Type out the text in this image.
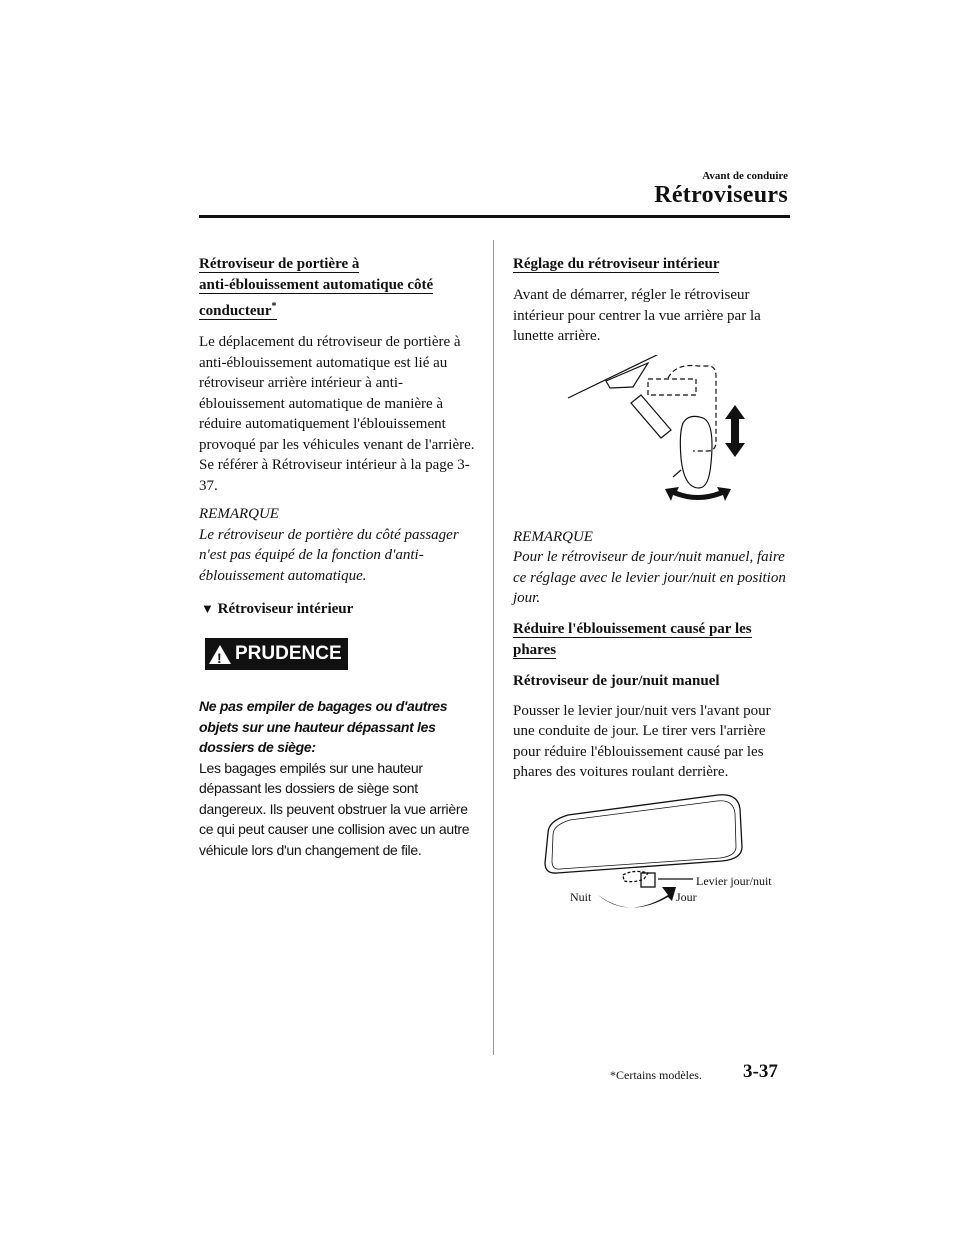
Avant de conduire
Rétroviseurs
Rétroviseur de portière à
anti-éblouissement automatique côté
conducteur*

Le déplacement du rétroviseur de portière à anti-éblouissement automatique est lié au rétroviseur arrière intérieur à anti-éblouissement automatique de manière à réduire automatiquement l'éblouissement provoqué par les véhicules venant de l'arrière.

Se référer à Rétroviseur intérieur à la page 3-37.

REMARQUE

Le rétroviseur de portière du côté passager n'est pas équipé de la fonction d'anti-éblouissement automatique.

▼ Rétroviseur intérieur
! PRUDENCE
Ne pas empiler de bagages ou d'autres objets sur une hauteur dépassant les dossiers de siège:
Les bagages empilés sur une hauteur dépassant les dossiers de siège sont dangereux. Ils peuvent obstruer la vue arrière ce qui peut causer une collision avec un autre véhicule lors d'un changement de file.
Réglage du rétroviseur intérieur

Avant de démarrer, régler le rétroviseur intérieur pour centrer la vue arrière par la lunette arrière.

REMARQUE

Pour le rétroviseur de jour/nuit manuel, faire ce réglage avec le levier jour/nuit en position jour.

Réduire l'éblouissement causé par les
phares
Rétroviseur de jour/nuit manuel

Pousser le levier jour/nuit vers l'avant pour une conduite de jour. Le tirer vers l'arrière pour réduire l'éblouissement causé par les phares des voitures roulant derrière.

Levier jour/nuit
Nuit	Jour
*Certains modèles. 3-37
